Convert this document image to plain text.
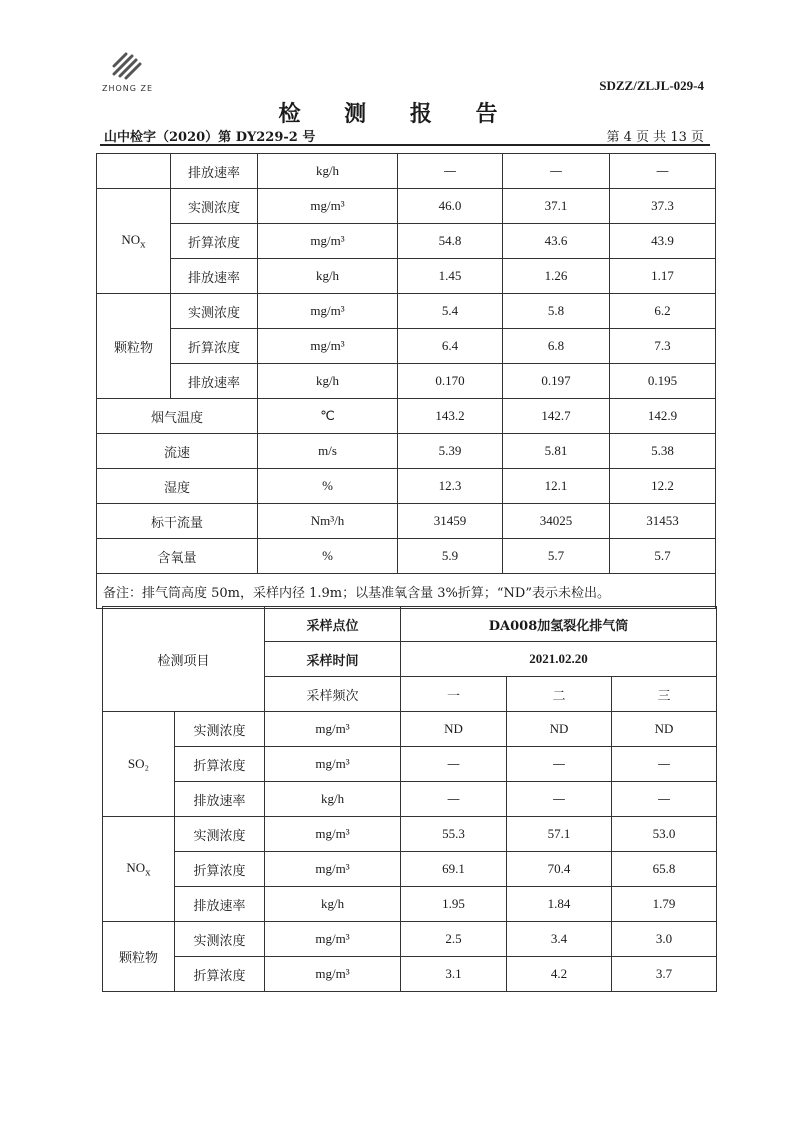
ZHONG ZE	SDZZ/ZLJL-029-4
检 测 报 告
山中检字（2020）第 DY229-2 号	第 4 页 共 13 页
	排放速率	kg/h	—	—	—
$NO_x$	实测浓度	mg/m³	46.0	37.1	37.3
	折算浓度	mg/m³	54.8	43.6	43.9
	排放速率	kg/h	1.45	1.26	1.17
颗粒物	实测浓度	mg/m³	5.4	5.8	6.2
	折算浓度	mg/m³	6.4	6.8	7.3
	排放速率	kg/h	0.170	0.197	0.195
烟气温度		℃	143.2	142.7	142.9
流速		m/s	5.39	5.81	5.38
湿度		%	12.3	12.1	12.2
标干流量		Nm³/h	31459	34025	31453
含氧量		%	5.9	5.7	5.7
备注：排气筒高度 50m，采样内径 1.9m；以基准氧含量 3%折算；“ND”表示未检出。					
检测项目		采样点位	DA008加氢裂化排气筒		
		采样时间	2021.02.20		
		采样频次	一	二	三
SO₂	实测浓度	mg/m³	ND	ND	ND
	折算浓度	mg/m³	—	—	—
	排放速率	kg/h	—	—	—
$NO_x$	实测浓度	mg/m³	55.3	57.1	53.0
	折算浓度	mg/m³	69.1	70.4	65.8
	排放速率	kg/h	1.95	1.84	1.79
颗粒物	实测浓度	mg/m³	2.5	3.4	3.0
	折算浓度	mg/m³	3.1	4.2	3.7
